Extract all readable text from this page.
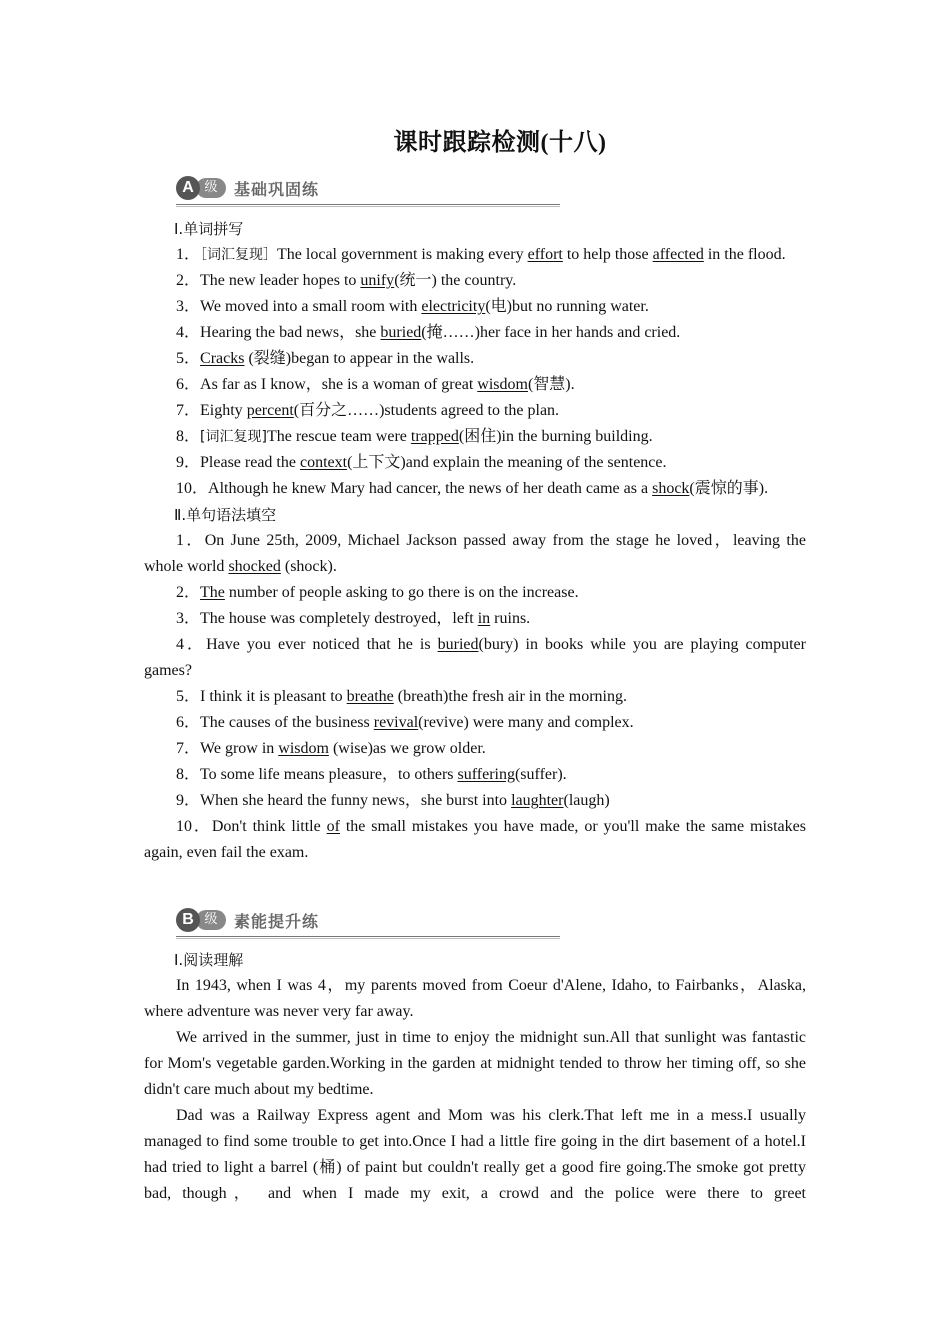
课时跟踪检测(十八)
级
A	基础巩固练

Ⅰ.单词拼写

1．［词汇复现］The local government is making every effort to help those affected in the flood.

2．The new leader hopes to unify(统一) the country.

3．We moved into a small room with electricity(电)but no running water.

4．Hearing the bad news，she buried(掩……)her face in her hands and cried.

5．Cracks (裂缝)began to appear in the walls.

6．As far as I know，she is a woman of great wisdom(智慧).

7．Eighty percent(百分之……)students agreed to the plan.

8．[词汇复现]The rescue team were trapped(困住)in the burning building.

9．Please read the context(上下文)and explain the meaning of the sentence.

10．Although he knew Mary had cancer, the news of her death came as a shock(震惊的事).

Ⅱ.单句语法填空

1．On June 25th, 2009, Michael Jackson passed away from the stage he loved，leaving the whole world shocked (shock).

2．The number of people asking to go there is on the increase.

3．The house was completely destroyed，left in ruins.

4．Have you ever noticed that he is buried(bury) in books while you are playing computer games?

5．I think it is pleasant to breathe (breath)the fresh air in the morning.

6．The causes of the business revival(revive) were many and complex.

7．We grow in wisdom (wise)as we grow older.

8．To some life means pleasure，to others suffering(suffer).

9．When she heard the funny news，she burst into laughter(laugh)

10．Don't think little of the small mistakes you have made, or you'll make the same mistakes again, even fail the exam.

级
B	素能提升练

Ⅰ.阅读理解

In 1943, when I was 4，my parents moved from Coeur d'Alene, Idaho, to Fairbanks，Alaska, where adventure was never very far away.

We arrived in the summer, just in time to enjoy the midnight sun.All that sunlight was fantastic for Mom's vegetable garden.Working in the garden at midnight tended to throw her timing off, so she didn't care much about my bedtime.

Dad was a Railway Express agent and Mom was his clerk.That left me in a mess.I usually managed to find some trouble to get into.Once I had a little fire going in the dirt basement of a hotel.I had tried to light a barrel (桶) of paint but couldn't really get a good fire going.The smoke got pretty bad, though， and when I made my exit, a crowd and the police were there to greet
